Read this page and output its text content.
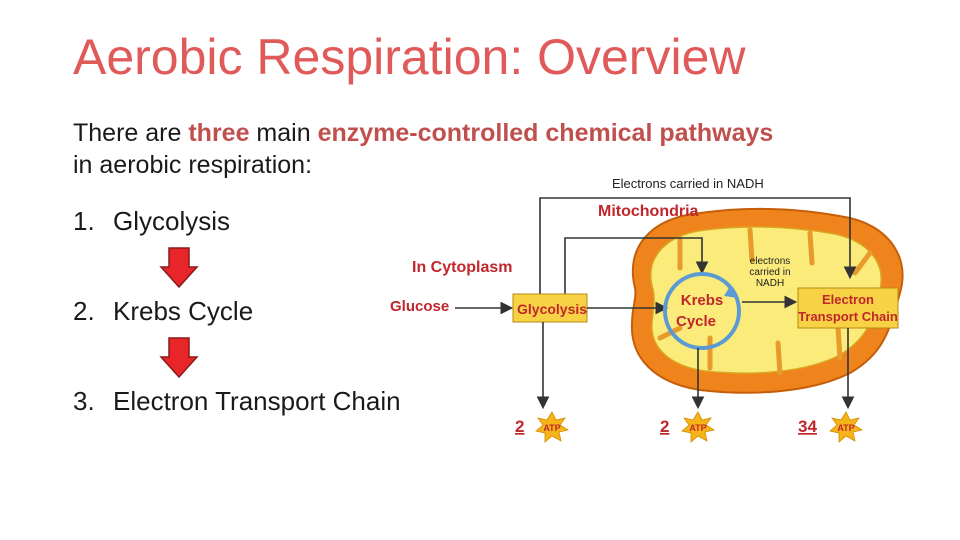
Aerobic Respiration: Overview
There are three main enzyme-controlled chemical pathways
in aerobic respiration:
1. Glycolysis
2. Krebs Cycle
3. Electron Transport Chain
Electrons carried in NADH
Mitochondria
In Cytoplasm
Glucose	Glycolysis	Krebs
Cycle
electrons
carried in
NADH
Electron
Transport Chain
2 ATP	2 ATP	34 ATP
